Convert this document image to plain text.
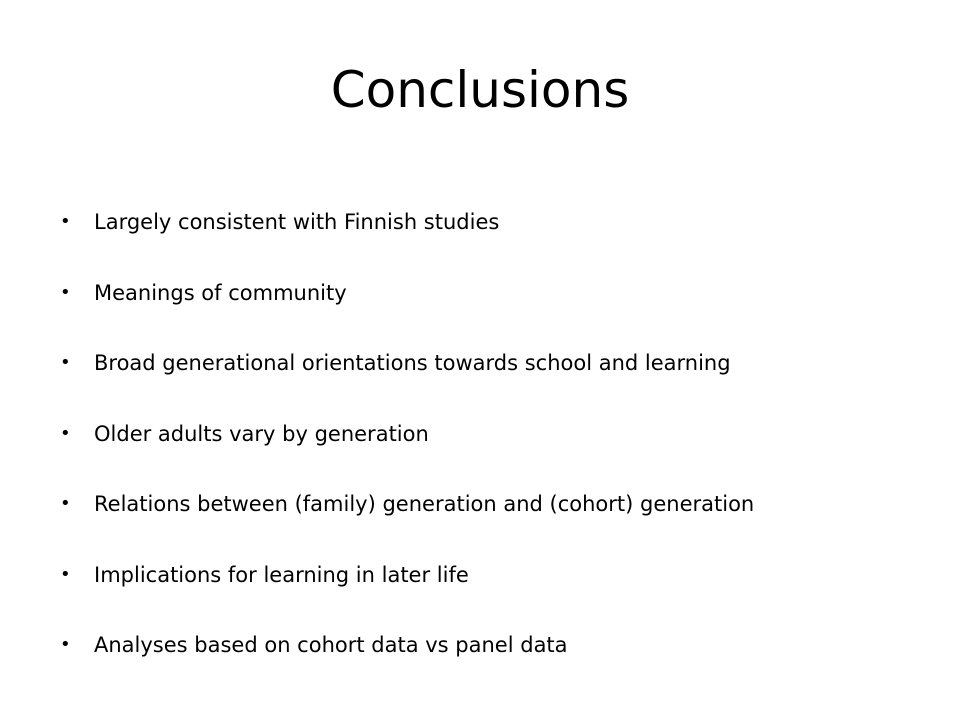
Conclusions
•	Largely consistent with Finnish studies
•	Meanings of community
•	Broad generational orientations towards school and learning
•	Older adults vary by generation
•	Relations between (family) generation and (cohort) generation
•	Implications for learning in later life
•	Analyses based on cohort data vs panel data
